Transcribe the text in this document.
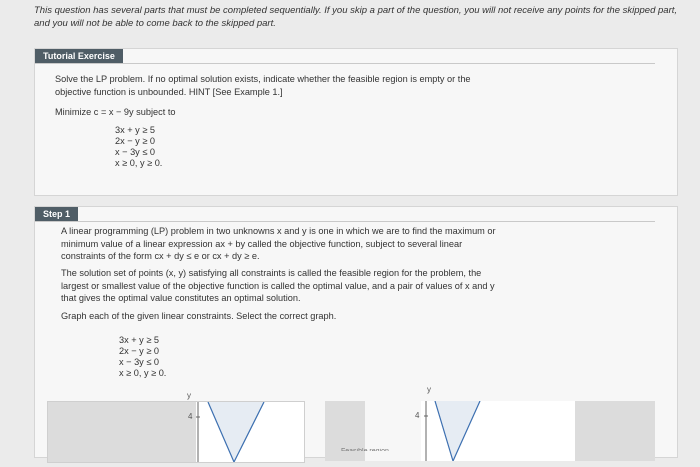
This question has several parts that must be completed sequentially. If you skip a part of the question, you will not receive any points for the skipped part,
and you will not be able to come back to the skipped part.
Tutorial Exercise
Solve the LP problem. If no optimal solution exists, indicate whether the feasible region is empty or the
objective function is unbounded. HINT [See Example 1.]
Minimize c = x − 9y subject to
3x + y ≥ 5
2x − y ≥ 0
x − 3y ≤ 0
x ≥ 0, y ≥ 0.
Step 1
A linear programming (LP) problem in two unknowns x and y is one in which we are to find the maximum or
minimum value of a linear expression ax + by called the objective function, subject to several linear
constraints of the form cx + dy ≤ e or cx + dy ≥ e.
The solution set of points (x, y) satisfying all constraints is called the feasible region for the problem, the
largest or smallest value of the objective function is called the optimal value, and a pair of values of x and y
that gives the optimal value constitutes an optimal solution.
Graph each of the given linear constraints. Select the correct graph.
3x + y ≥ 5
2x − y ≥ 0
x − 3y ≤ 0
x ≥ 0, y ≥ 0.
y
4
y
4
